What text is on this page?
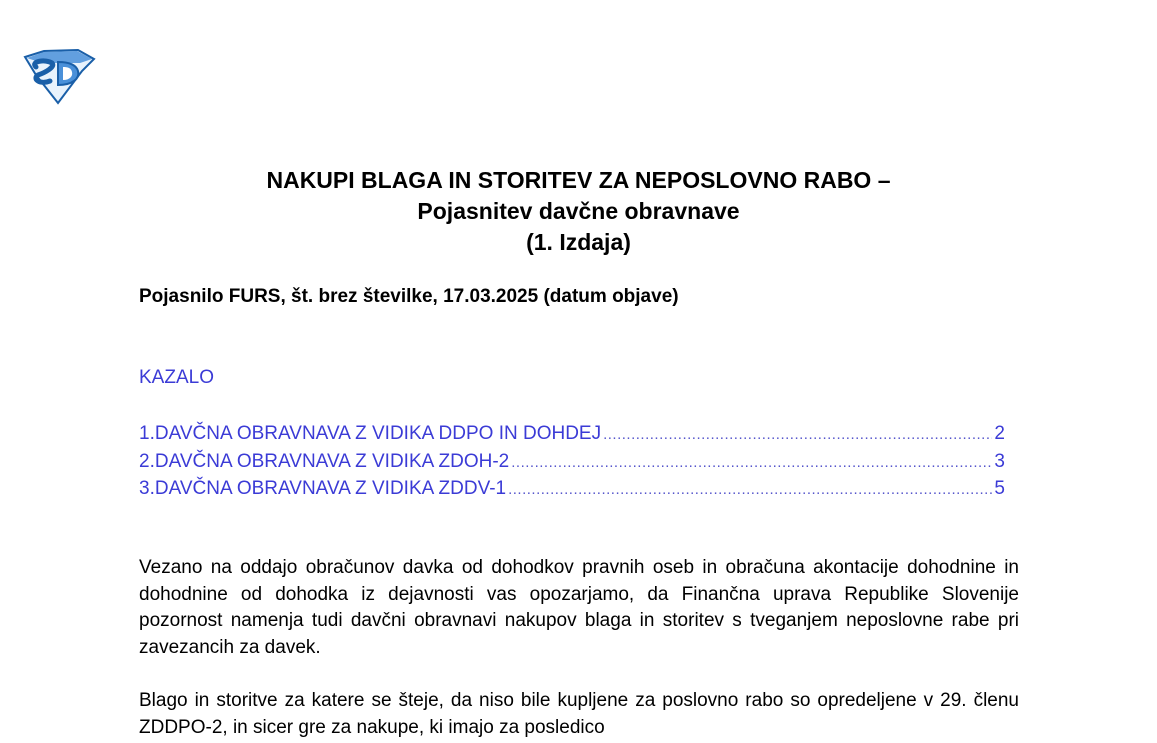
NAKUPI BLAGA IN STORITEV ZA NEPOSLOVNO RABO –
Pojasnitev davčne obravnave
(1. Izdaja)
Pojasnilo FURS, št. brez številke, 17.03.2025 (datum objave)
KAZALO
1.DAVČNA OBRAVNAVA Z VIDIKA DDPO IN DOHDEJ .....	2
2.DAVČNA OBRAVNAVA Z VIDIKA ZDOH-2 .....	3
3.DAVČNA OBRAVNAVA Z VIDIKA ZDDV-1 .....	5
Vezano na oddajo obračunov davka od dohodkov pravnih oseb in obračuna akontacije dohodnine in dohodnine od dohodka iz dejavnosti vas opozarjamo, da Finančna uprava Republike Slovenije pozornost namenja tudi davčni obravnavi nakupov blaga in storitev s tveganjem neposlovne rabe pri zavezancih za davek.
Blago in storitve za katere se šteje, da niso bile kupljene za poslovno rabo so opredeljene v 29. členu ZDDPO-2, in sicer gre za nakupe, ki imajo za posledico
